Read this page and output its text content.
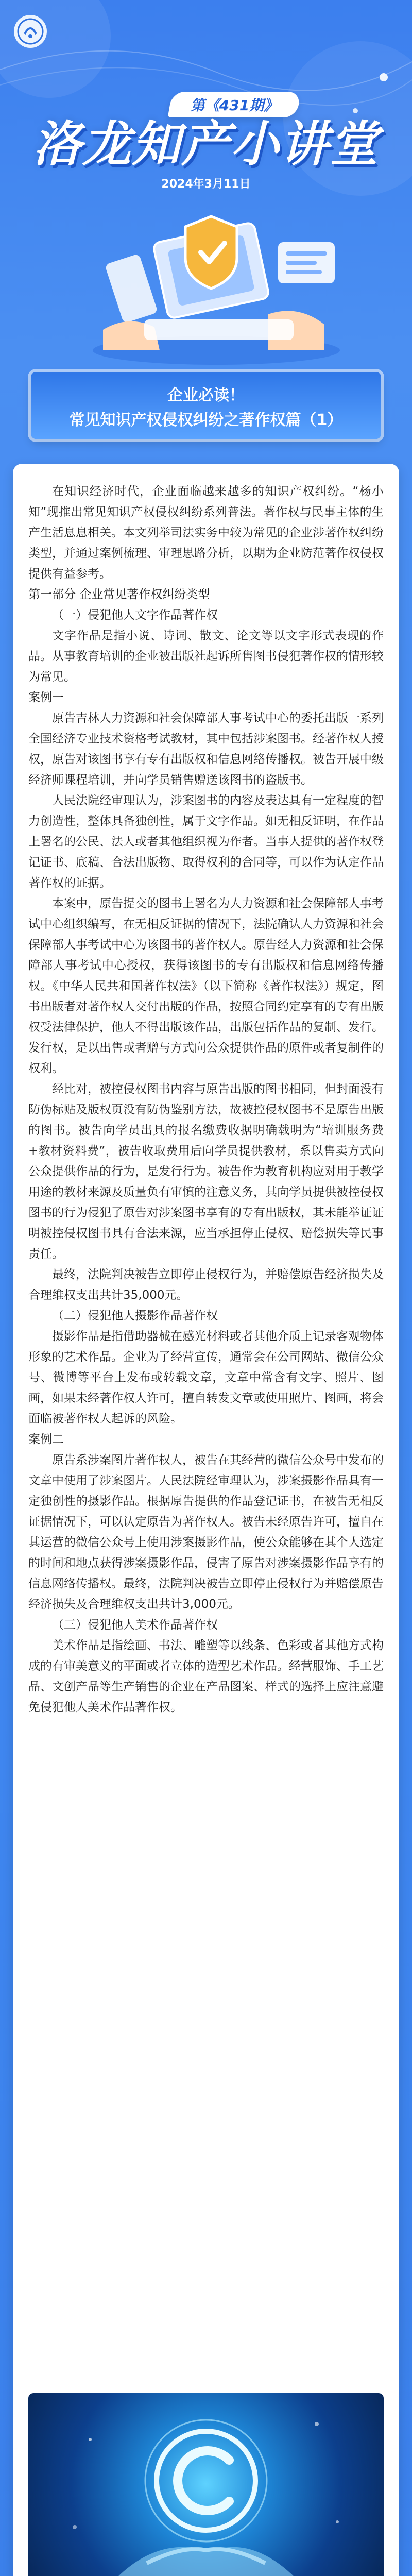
第《431期》
洛龙知产小讲堂
2024年3月11日
企业必读！
常见知识产权侵权纠纷之著作权篇（1）

在知识经济时代，企业面临越来越多的知识产权纠纷。“杨小知”现推出常见知识产权侵权纠纷系列普法。著作权与民事主体的生产生活息息相关。本文列举司法实务中较为常见的企业涉著作权纠纷类型，并通过案例梳理、审理思路分析，以期为企业防范著作权侵权提供有益参考。

第一部分 企业常见著作权纠纷类型

（一）侵犯他人文字作品著作权

文字作品是指小说、诗词、散文、论文等以文字形式表现的作品。从事教育培训的企业被出版社起诉所售图书侵犯著作权的情形较为常见。

案例一

原告吉林人力资源和社会保障部人事考试中心的委托出版一系列全国经济专业技术资格考试教材，其中包括涉案图书。经著作权人授权，原告对该图书享有专有出版权和信息网络传播权。被告开展中级经济师课程培训，并向学员销售赠送该图书的盗版书。

人民法院经审理认为，涉案图书的内容及表达具有一定程度的智力创造性，整体具备独创性，属于文字作品。如无相反证明，在作品上署名的公民、法人或者其他组织视为作者。当事人提供的著作权登记证书、底稿、合法出版物、取得权利的合同等，可以作为认定作品著作权的证据。

本案中，原告提交的图书上署名为人力资源和社会保障部人事考试中心组织编写，在无相反证据的情况下，法院确认人力资源和社会保障部人事考试中心为该图书的著作权人。原告经人力资源和社会保障部人事考试中心授权，获得该图书的专有出版权和信息网络传播权。《中华人民共和国著作权法》（以下简称《著作权法》）规定，图书出版者对著作权人交付出版的作品，按照合同约定享有的专有出版权受法律保护，他人不得出版该作品，出版包括作品的复制、发行。发行权，是以出售或者赠与方式向公众提供作品的原件或者复制件的权利。

经比对，被控侵权图书内容与原告出版的图书相同，但封面没有防伪标贴及版权页没有防伪鉴别方法，故被控侵权图书不是原告出版的图书。被告向学员出具的报名缴费收据明确载明为“培训服务费+教材资料费”，被告收取费用后向学员提供教材，系以售卖方式向公众提供作品的行为，是发行行为。被告作为教育机构应对用于教学用途的教材来源及质量负有审慎的注意义务，其向学员提供被控侵权图书的行为侵犯了原告对涉案图书享有的专有出版权，其未能举证证明被控侵权图书具有合法来源，应当承担停止侵权、赔偿损失等民事责任。

最终，法院判决被告立即停止侵权行为，并赔偿原告经济损失及合理维权支出共计35,000元。

（二）侵犯他人摄影作品著作权

摄影作品是指借助器械在感光材料或者其他介质上记录客观物体形象的艺术作品。企业为了经营宣传，通常会在公司网站、微信公众号、微博等平台上发布或转载文章，文章中常含有文字、照片、图画，如果未经著作权人许可，擅自转发文章或使用照片、图画，将会面临被著作权人起诉的风险。

案例二

原告系涉案图片著作权人，被告在其经营的微信公众号中发布的文章中使用了涉案图片。人民法院经审理认为，涉案摄影作品具有一定独创性的摄影作品。根据原告提供的作品登记证书，在被告无相反证据情况下，可以认定原告为著作权人。被告未经原告许可，擅自在其运营的微信公众号上使用涉案摄影作品，使公众能够在其个人选定的时间和地点获得涉案摄影作品，侵害了原告对涉案摄影作品享有的信息网络传播权。最终，法院判决被告立即停止侵权行为并赔偿原告经济损失及合理维权支出共计3,000元。

（三）侵犯他人美术作品著作权

美术作品是指绘画、书法、雕塑等以线条、色彩或者其他方式构成的有审美意义的平面或者立体的造型艺术作品。经营服饰、手工艺品、文创产品等生产销售的企业在产品图案、样式的选择上应注意避免侵犯他人美术作品著作权。
